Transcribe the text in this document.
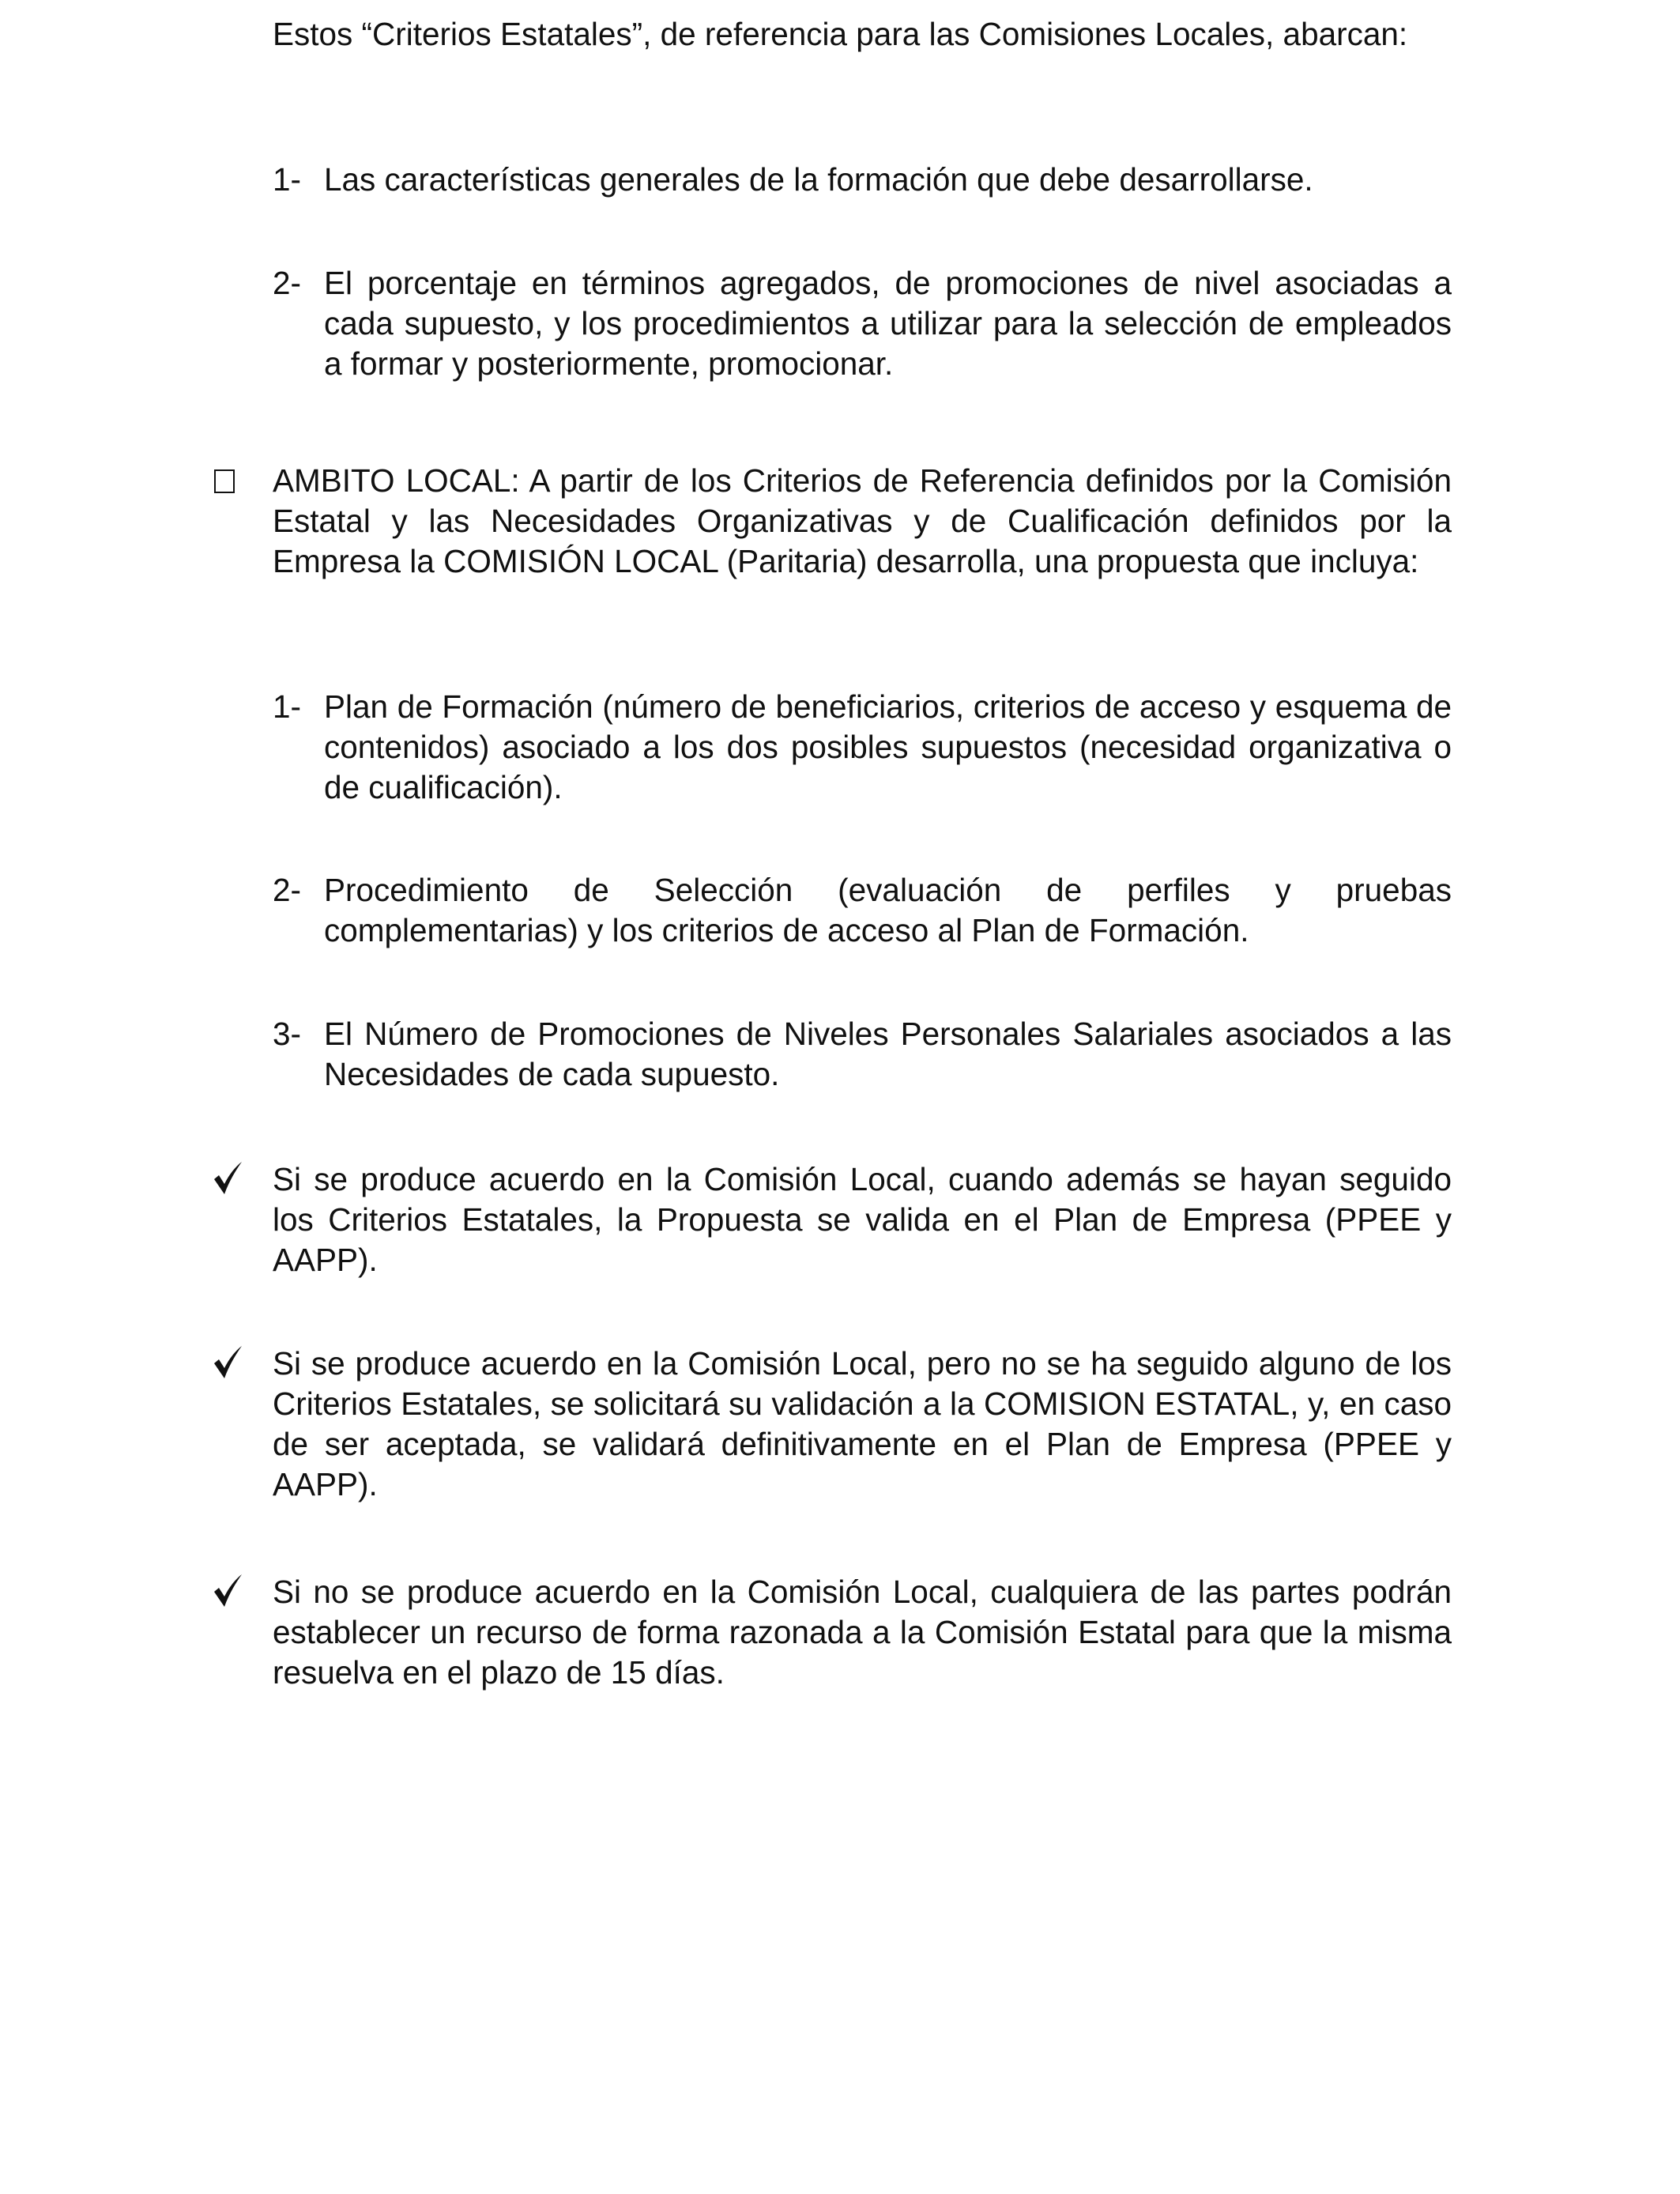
Estos “Criterios Estatales”, de referencia para las Comisiones Locales, abarcan:

1- Las características generales de la formación que debe desarrollarse.
2- El porcentaje en términos agregados, de promociones de nivel asociadas a cada supuesto, y los procedimientos a utilizar para la selección de empleados a formar y posteriormente, promocionar.

AMBITO LOCAL: A partir de los Criterios de Referencia definidos por la Comisión Estatal y las Necesidades Organizativas y de Cualificación definidos por la Empresa la COMISIÓN LOCAL (Paritaria) desarrolla, una propuesta que incluya:

1- Plan de Formación (número de beneficiarios, criterios de acceso y esquema de contenidos) asociado a los dos posibles supuestos (necesidad organizativa o de cualificación).
2- Procedimiento de Selección (evaluación de perfiles y pruebas complementarias) y los criterios de acceso al Plan de Formación.
3- El Número de Promociones de Niveles Personales Salariales asociados a las Necesidades de cada supuesto.

Si se produce acuerdo en la Comisión Local, cuando además se hayan seguido los Criterios Estatales, la Propuesta se valida en el Plan de Empresa (PPEE y AAPP).

Si se produce acuerdo en la Comisión Local, pero no se ha seguido alguno de los Criterios Estatales, se solicitará su validación a la COMISION ESTATAL, y, en caso de ser aceptada, se validará definitivamente en el Plan de Empresa (PPEE y AAPP).

Si no se produce acuerdo en la Comisión Local, cualquiera de las partes podrán establecer un recurso de forma razonada a la Comisión Estatal para que la misma resuelva en el plazo de 15 días.
